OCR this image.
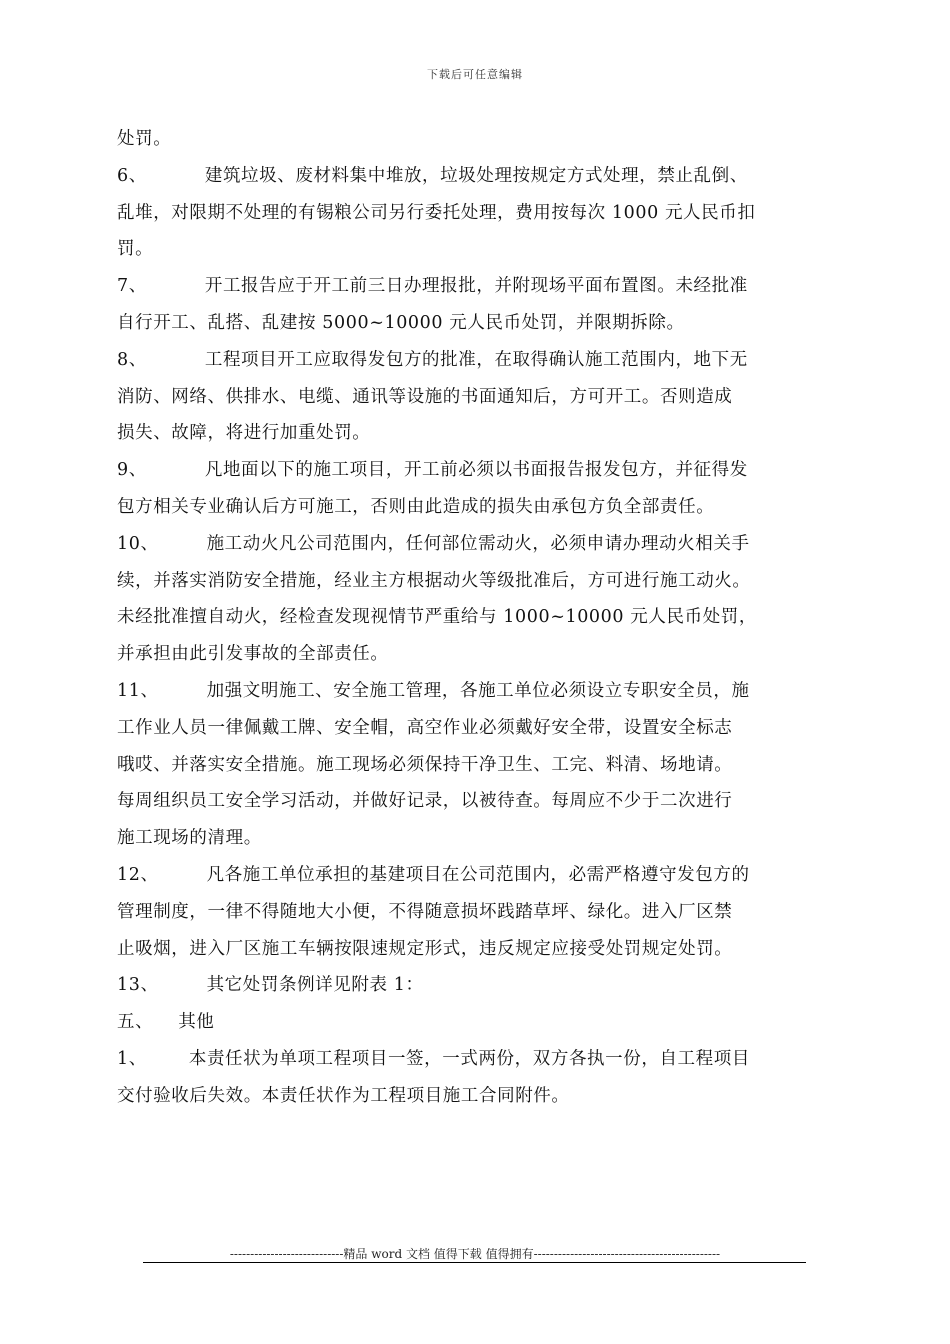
下载后可任意编辑
处罚。
6、	建筑垃圾、废材料集中堆放，垃圾处理按规定方式处理，禁止乱倒、
乱堆，对限期不处理的有锡粮公司另行委托处理，费用按每次 1000 元人民币扣
罚。
7、	开工报告应于开工前三日办理报批，并附现场平面布置图。未经批准
自行开工、乱搭、乱建按 5000~10000 元人民币处罚，并限期拆除。
8、	工程项目开工应取得发包方的批准，在取得确认施工范围内，地下无
消防、网络、供排水、电缆、通讯等设施的书面通知后，方可开工。否则造成
损失、故障，将进行加重处罚。
9、	凡地面以下的施工项目，开工前必须以书面报告报发包方，并征得发
包方相关专业确认后方可施工，否则由此造成的损失由承包方负全部责任。
10、	施工动火凡公司范围内，任何部位需动火，必须申请办理动火相关手
续，并落实消防安全措施，经业主方根据动火等级批准后，方可进行施工动火。
未经批准擅自动火，经检查发现视情节严重给与 1000~10000 元人民币处罚，
并承担由此引发事故的全部责任。
11、	加强文明施工、安全施工管理，各施工单位必须设立专职安全员，施
工作业人员一律佩戴工牌、安全帽，高空作业必须戴好安全带，设置安全标志
哦哎、并落实安全措施。施工现场必须保持干净卫生、工完、料清、场地请。
每周组织员工安全学习活动，并做好记录，以被待查。每周应不少于二次进行
施工现场的清理。
12、	凡各施工单位承担的基建项目在公司范围内，必需严格遵守发包方的
管理制度，一律不得随地大小便，不得随意损坏践踏草坪、绿化。进入厂区禁
止吸烟，进入厂区施工车辆按限速规定形式，违反规定应接受处罚规定处罚。
13、	其它处罚条例详见附表 1：
五、 其他
1、 本责任状为单项工程项目一签，一式两份，双方各执一份，自工程项目
交付验收后失效。本责任状作为工程项目施工合同附件。
----------------------------精品 word 文档 值得下载 值得拥有----------------------------------------------
